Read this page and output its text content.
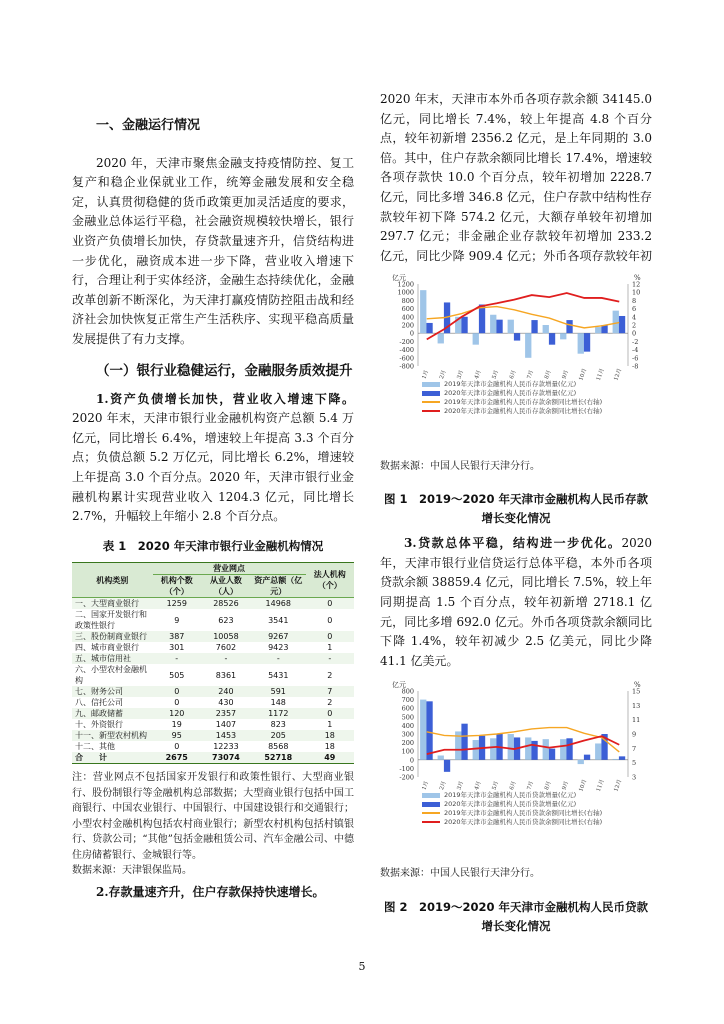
一、金融运行情况

2020 年，天津市聚焦金融支持疫情防控、复工复产和稳企业保就业工作，统筹金融发展和安全稳定，认真贯彻稳健的货币政策更加灵活适度的要求，金融业总体运行平稳，社会融资规模较快增长，银行业资产负债增长加快，存贷款量速齐升，信贷结构进一步优化，融资成本进一步下降，营业收入增速下行，合理让利于实体经济，金融生态持续优化，金融改革创新不断深化，为天津打赢疫情防控阻击战和经济社会加快恢复正常生产生活秩序、实现平稳高质量发展提供了有力支撑。

（一）银行业稳健运行，金融服务质效提升

1.资产负债增长加快，营业收入增速下降。2020 年末，天津市银行业金融机构资产总额 5.4 万亿元，同比增长 6.4%，增速较上年提高 3.3 个百分点；负债总额 5.2 万亿元，同比增长 6.2%，增速较上年提高 3.0 个百分点。2020 年，天津市银行业金融机构累计实现营业收入 1204.3 亿元，同比增长 2.7%，升幅较上年缩小 2.8 个百分点。

表 1　2020 年天津市银行业金融机构情况
机构类别	营业网点			法人机构（个）
	机构个数（个）	从业人数（人）	资产总额（亿元）	
一、大型商业银行	1259	28526	14968	0
二、国家开发银行和政策性银行	9	623	3541	0
三、股份制商业银行	387	10058	9267	0
四、城市商业银行	301	7602	9423	1
五、城市信用社	-	-	-	-
六、小型农村金融机构	505	8361	5431	2
七、财务公司	0	240	591	7
八、信托公司	0	430	148	2
九、邮政储蓄	120	2357	1172	0
十、外资银行	19	1407	823	1
十一、新型农村机构	95	1453	205	18
十二、其他	0	12233	8568	18
合　　计	2675	73074	52718	49
注：营业网点不包括国家开发银行和政策性银行、大型商业银行、股份制银行等金融机构总部数据；大型商业银行包括中国工商银行、中国农业银行、中国银行、中国建设银行和交通银行；小型农村金融机构包括农村商业银行；新型农村机构包括村镇银行、贷款公司；“其他”包括金融租赁公司、汽车金融公司、中德住房储蓄银行、金城银行等。
数据来源：天津银保监局。

2.存款量速齐升，住户存款保持快速增长。

2020 年末，天津市本外币各项存款余额 34145.0 亿元，同比增长 7.4%，较上年提高 4.8 个百分点，较年初新增 2356.2 亿元，是上年同期的 3.0 倍。其中，住户存款余额同比增长 17.4%，增速较各项存款快 10.0 个百分点，较年初增加 2228.7 亿元，同比多增 346.8 亿元，住户存款中结构性存款较年初下降 574.2 亿元，大额存单较年初增加 297.7 亿元；非金融企业存款较年初增加 233.2 亿元，同比少降 909.4 亿元；外币各项存款较年初

亿元	%
1200
1000
800
600
400
200
0
-200
-400
-600
-800
12
10
8
6
4
2
0
-2
-4
-6
-8
1月	2月	3月	4月	5月	6月	7月	8月	9月	10月	11月	12月
2019年天津市金融机构人民币存款增量(亿元)
2020年天津市金融机构人民币存款增量(亿元)
2019年天津市金融机构人民币存款余额同比增长(右轴)
2020年天津市金融机构人民币存款余额同比增长(右轴)
数据来源：中国人民银行天津分行。
图 1　2019～2020 年天津市金融机构人民币存款
增长变化情况

3.贷款总体平稳，结构进一步优化。2020 年，天津市银行业信贷运行总体平稳，本外币各项贷款余额 38859.4 亿元，同比增长 7.5%，较上年同期提高 1.5 个百分点，较年初新增 2718.1 亿元，同比多增 692.0 亿元。外币各项贷款余额同比下降 1.4%，较年初减少 2.5 亿美元，同比少降 41.1 亿美元。

亿元	%
800
700
600
500
400
300
200
100
0
-100
-200
15
13
11
9
7
5
3
1月	2月	3月	4月	5月	6月	7月	8月	9月	10月	11月	12月
2019年天津市金融机构人民币贷款增量(亿元)
2020年天津市金融机构人民币贷款增量(亿元)
2019年天津市金融机构人民币贷款余额同比增长(右轴)
2020年天津市金融机构人民币贷款余额同比增长(右轴)
数据来源：中国人民银行天津分行。
图 2　2019～2020 年天津市金融机构人民币贷款
增长变化情况
5
